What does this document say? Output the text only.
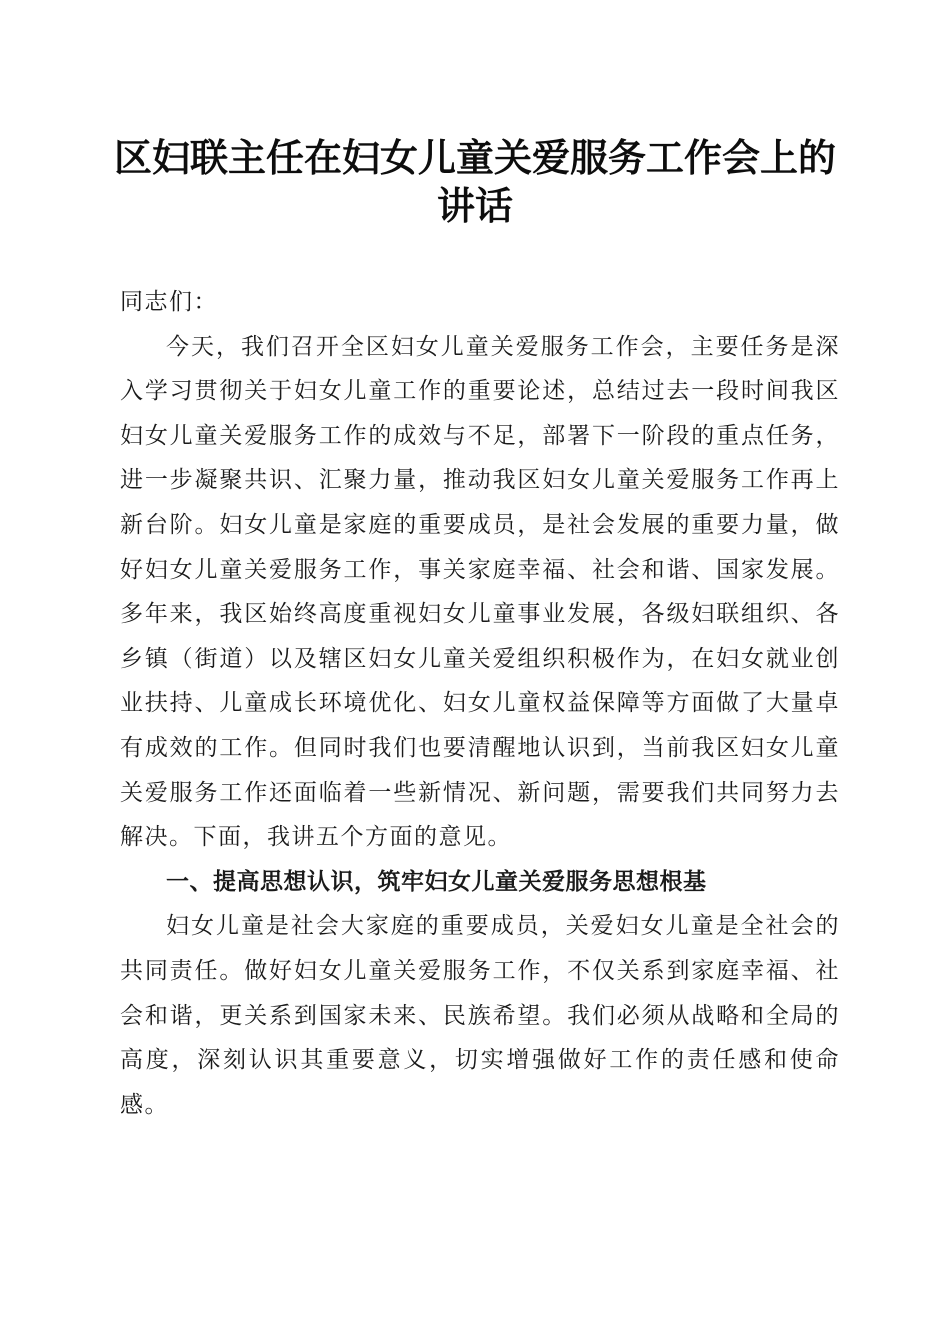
区妇联主任在妇女儿童关爱服务工作会上的讲话

同志们：

今天，我们召开全区妇女儿童关爱服务工作会，主要任务是深入学习贯彻关于妇女儿童工作的重要论述，总结过去一段时间我区妇女儿童关爱服务工作的成效与不足，部署下一阶段的重点任务，进一步凝聚共识、汇聚力量，推动我区妇女儿童关爱服务工作再上新台阶。妇女儿童是家庭的重要成员，是社会发展的重要力量，做好妇女儿童关爱服务工作，事关家庭幸福、社会和谐、国家发展。多年来，我区始终高度重视妇女儿童事业发展，各级妇联组织、各乡镇（街道）以及辖区妇女儿童关爱组织积极作为，在妇女就业创业扶持、儿童成长环境优化、妇女儿童权益保障等方面做了大量卓有成效的工作。但同时我们也要清醒地认识到，当前我区妇女儿童关爱服务工作还面临着一些新情况、新问题，需要我们共同努力去解决。下面，我讲五个方面的意见。

一、提高思想认识，筑牢妇女儿童关爱服务思想根基

妇女儿童是社会大家庭的重要成员，关爱妇女儿童是全社会的共同责任。做好妇女儿童关爱服务工作，不仅关系到家庭幸福、社会和谐，更关系到国家未来、民族希望。我们必须从战略和全局的高度，深刻认识其重要意义，切实增强做好工作的责任感和使命感。
